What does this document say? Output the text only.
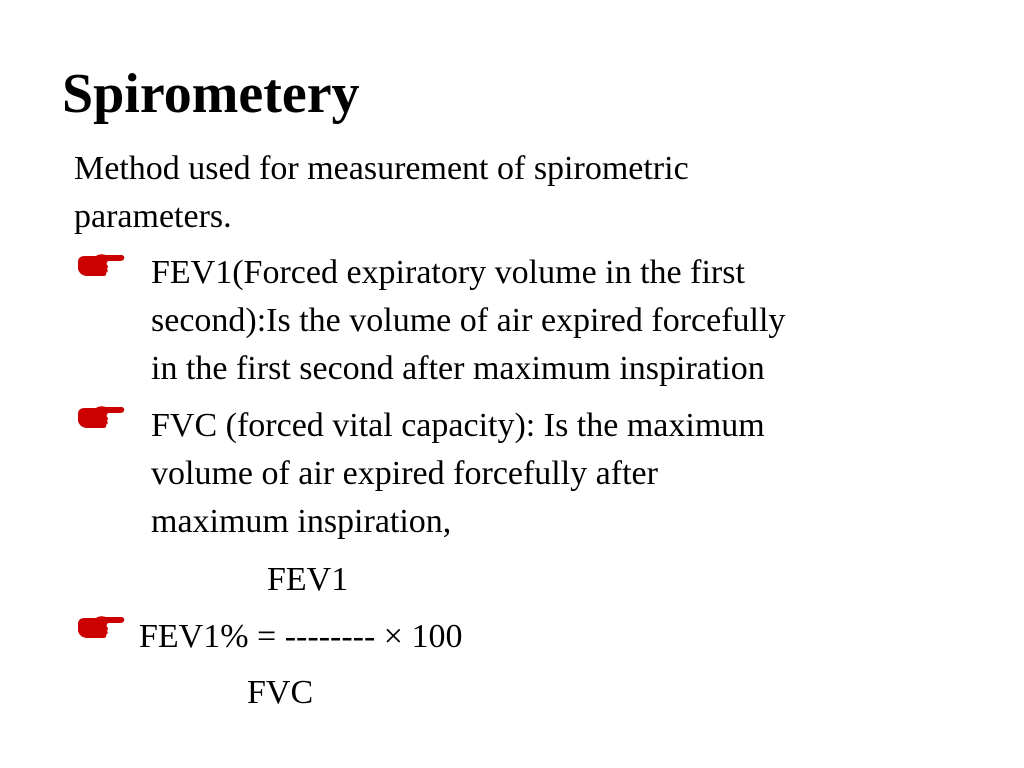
Spirometery
Method used for measurement of spirometric
parameters.
FEV1(Forced expiratory volume in the first
second):Is the volume of air expired forcefully
in the first second after maximum inspiration
FVC (forced vital capacity): Is the maximum
volume of air expired forcefully after
maximum inspiration,
FEV1
FEV1% = -------- × 100
FVC
